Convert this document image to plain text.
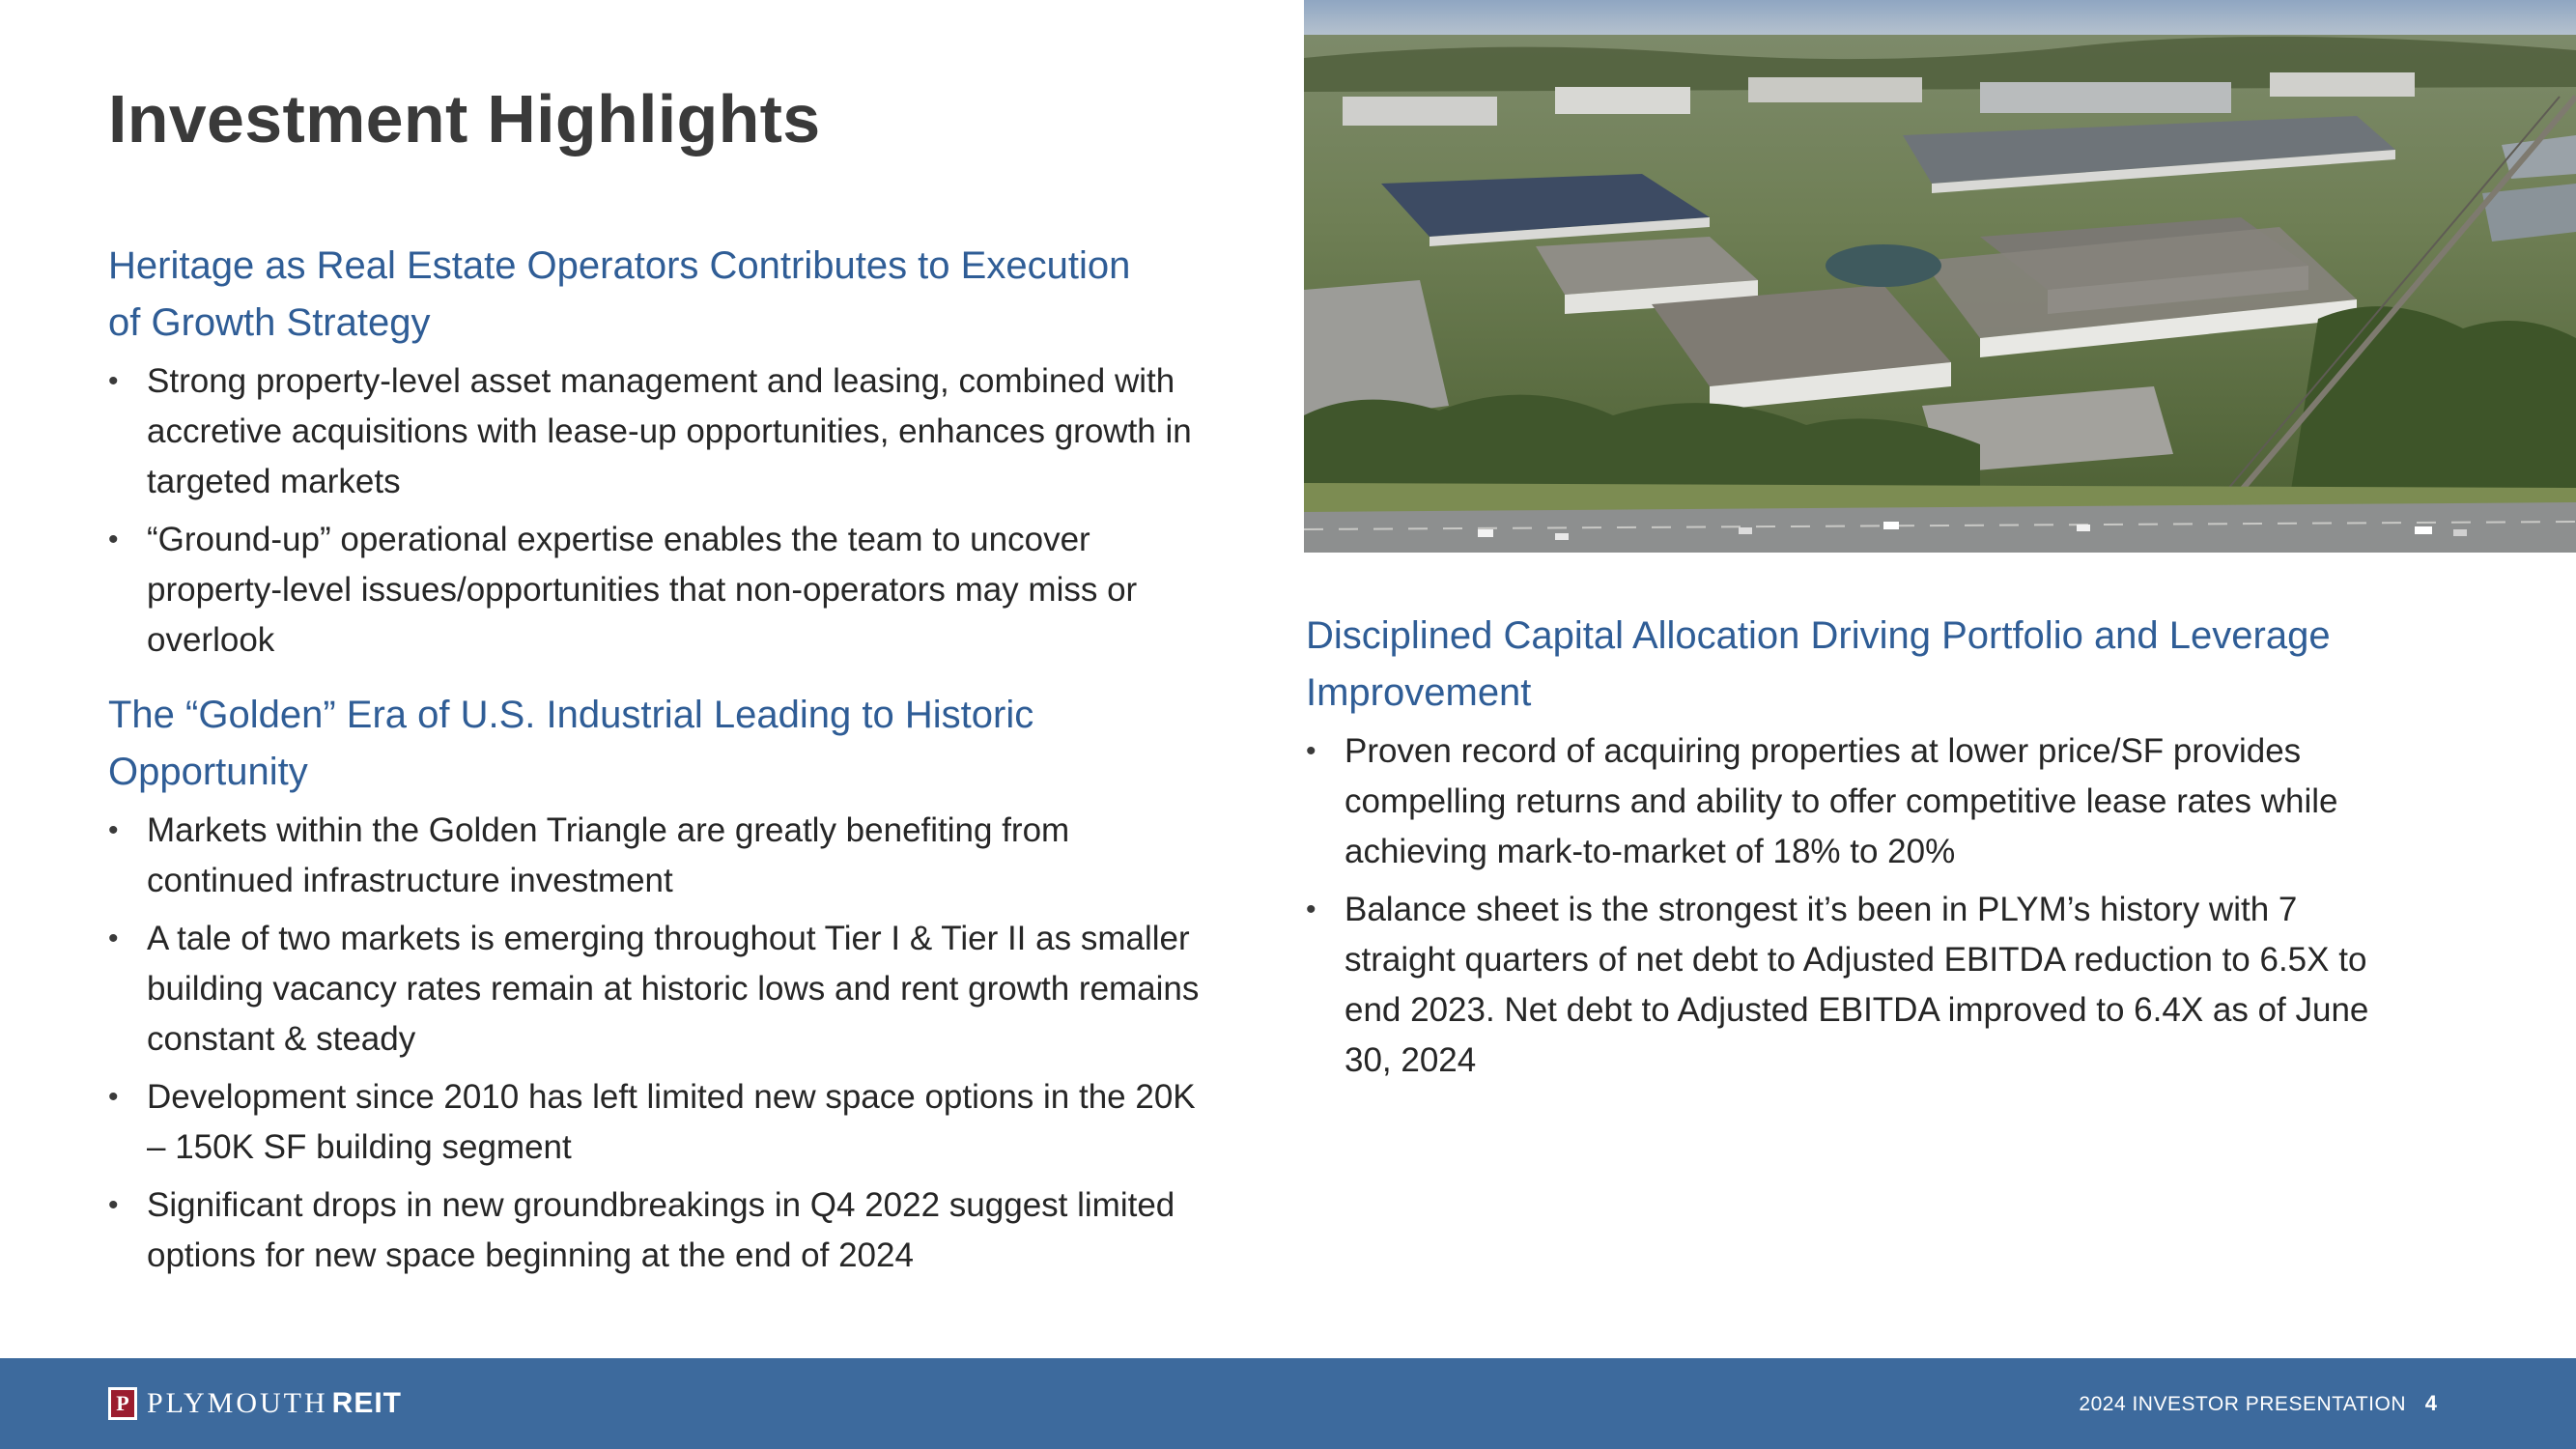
Investment Highlights
Heritage as Real Estate Operators Contributes to Execution
of Growth Strategy
• Strong property-level asset management and leasing, combined with accretive acquisitions with lease-up opportunities, enhances growth in targeted markets
• “Ground-up” operational expertise enables the team to uncover property-level issues/opportunities that non-operators may miss or overlook
The “Golden” Era of U.S. Industrial Leading to Historic
Opportunity
• Markets within the Golden Triangle are greatly benefiting from continued infrastructure investment
• A tale of two markets is emerging throughout Tier I & Tier II as smaller building vacancy rates remain at historic lows and rent growth remains constant & steady
• Development since 2010 has left limited new space options in the 20K – 150K SF building segment
• Significant drops in new groundbreakings in Q4 2022 suggest limited options for new space beginning at the end of 2024
Disciplined Capital Allocation Driving Portfolio and Leverage
Improvement
• Proven record of acquiring properties at lower price/SF provides compelling returns and ability to offer competitive lease rates while achieving mark-to-market of 18% to 20%
• Balance sheet is the strongest it’s been in PLYM’s history with 7 straight quarters of net debt to Adjusted EBITDA reduction to 6.5X to end 2023. Net debt to Adjusted EBITDA improved to 6.4X as of June 30, 2024
P PLYMOUTH REIT	2024 INVESTOR PRESENTATION 4
